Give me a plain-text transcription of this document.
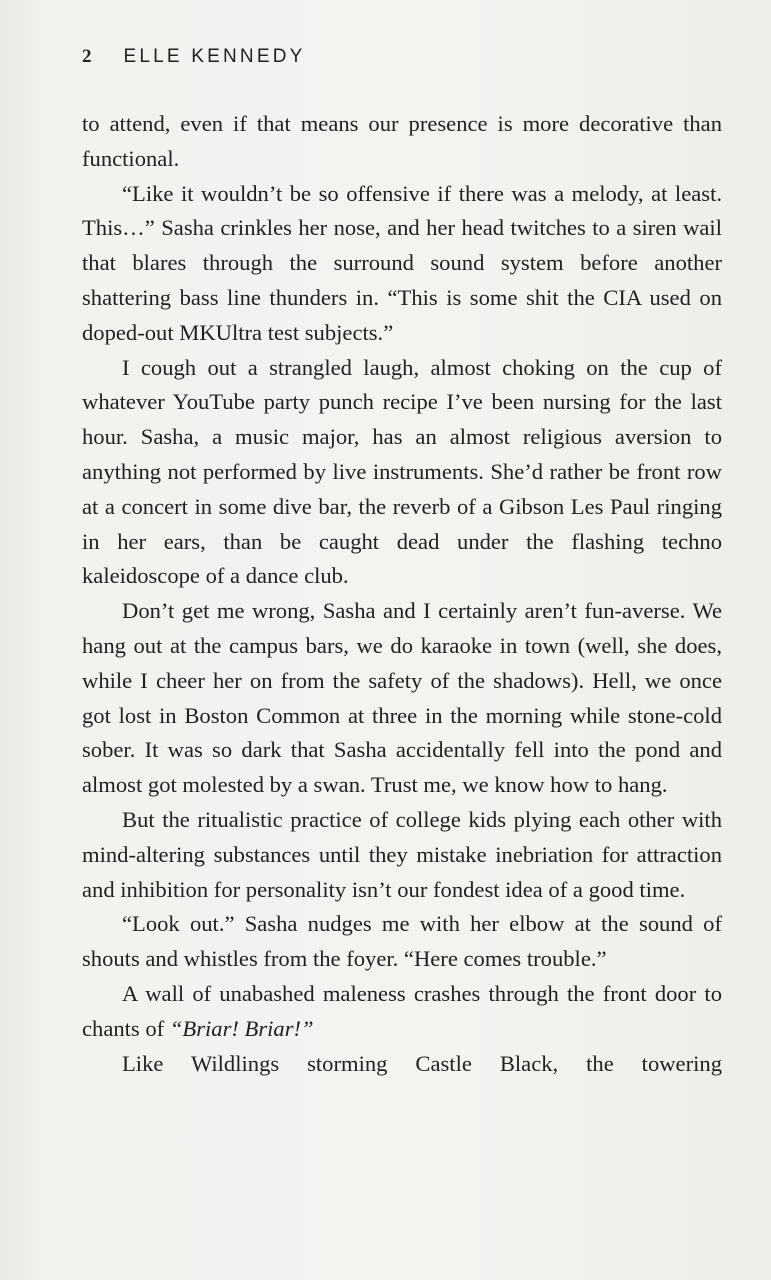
2 ELLE KENNEDY

to attend, even if that means our presence is more decorative than functional.

“Like it wouldn’t be so offensive if there was a melody, at least. This…” Sasha crinkles her nose, and her head twitches to a siren wail that blares through the surround sound system before another shattering bass line thunders in. “This is some shit the CIA used on doped-out MKUltra test subjects.”

I cough out a strangled laugh, almost choking on the cup of whatever YouTube party punch recipe I’ve been nursing for the last hour. Sasha, a music major, has an almost religious aversion to anything not performed by live instruments. She’d rather be front row at a concert in some dive bar, the reverb of a Gibson Les Paul ringing in her ears, than be caught dead under the flashing techno kaleidoscope of a dance club.

Don’t get me wrong, Sasha and I certainly aren’t fun-averse. We hang out at the campus bars, we do karaoke in town (well, she does, while I cheer her on from the safety of the shadows). Hell, we once got lost in Boston Common at three in the morning while stone-cold sober. It was so dark that Sasha accidentally fell into the pond and almost got molested by a swan. Trust me, we know how to hang.

But the ritualistic practice of college kids plying each other with mind-altering substances until they mistake inebriation for attraction and inhibition for personality isn’t our fondest idea of a good time.

“Look out.” Sasha nudges me with her elbow at the sound of shouts and whistles from the foyer. “Here comes trouble.”

A wall of unabashed maleness crashes through the front door to chants of “Briar! Briar!”

Like Wildlings storming Castle Black, the towering
